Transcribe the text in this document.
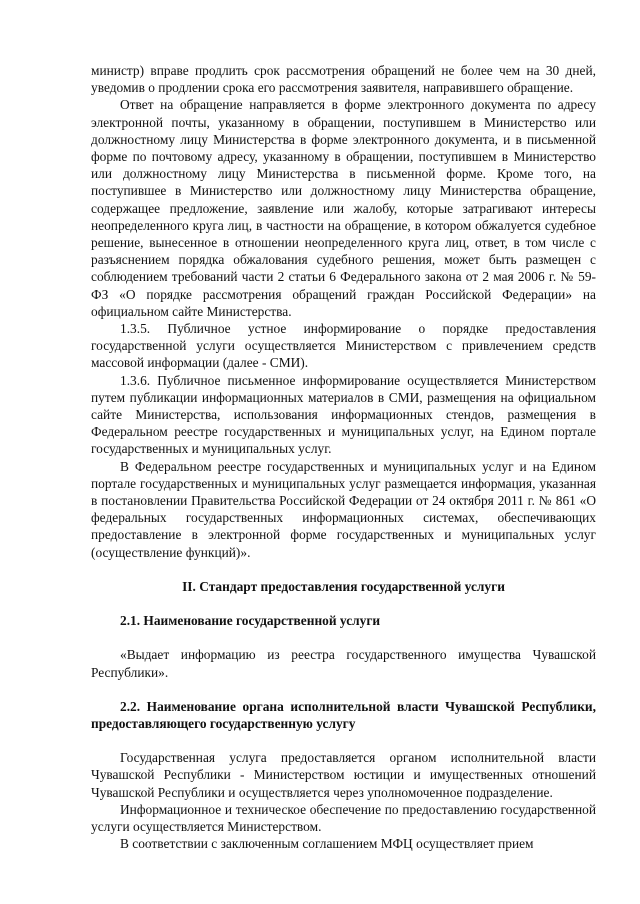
министр) вправе продлить срок рассмотрения обращений не более чем на 30 дней, уведомив о продлении срока его рассмотрения заявителя, направившего обращение.

Ответ на обращение направляется в форме электронного документа по адресу электронной почты, указанному в обращении, поступившем в Министерство или должностному лицу Министерства в форме электронного документа, и в письменной форме по почтовому адресу, указанному в обращении, поступившем в Министерство или должностному лицу Министерства в письменной форме. Кроме того, на поступившее в Министерство или должностному лицу Министерства обращение, содержащее предложение, заявление или жалобу, которые затрагивают интересы неопределенного круга лиц, в частности на обращение, в котором обжалуется судебное решение, вынесенное в отношении неопределенного круга лиц, ответ, в том числе с разъяснением порядка обжалования судебного решения, может быть размещен с соблюдением требований части 2 статьи 6 Федерального закона от 2 мая 2006 г. № 59-ФЗ «О порядке рассмотрения обращений граждан Российской Федерации» на официальном сайте Министерства.

1.3.5. Публичное устное информирование о порядке предоставления государственной услуги осуществляется Министерством с привлечением средств массовой информации (далее - СМИ).

1.3.6. Публичное письменное информирование осуществляется Министерством путем публикации информационных материалов в СМИ, размещения на официальном сайте Министерства, использования информационных стендов, размещения в Федеральном реестре государственных и муниципальных услуг, на Едином портале государственных и муниципальных услуг.

В Федеральном реестре государственных и муниципальных услуг и на Едином портале государственных и муниципальных услуг размещается информация, указанная в постановлении Правительства Российской Федерации от 24 октября 2011 г. № 861 «О федеральных государственных информационных системах, обеспечивающих предоставление в электронной форме государственных и муниципальных услуг (осуществление функций)».

II. Стандарт предоставления государственной услуги
2.1. Наименование государственной услуги

«Выдает информацию из реестра государственного имущества Чувашской Республики».

2.2. Наименование органа исполнительной власти Чувашской Республики, предоставляющего государственную услугу

Государственная услуга предоставляется органом исполнительной власти Чувашской Республики - Министерством юстиции и имущественных отношений Чувашской Республики и осуществляется через уполномоченное подразделение.

Информационное и техническое обеспечение по предоставлению государственной услуги осуществляется Министерством.

В соответствии с заключенным соглашением МФЦ осуществляет прием
